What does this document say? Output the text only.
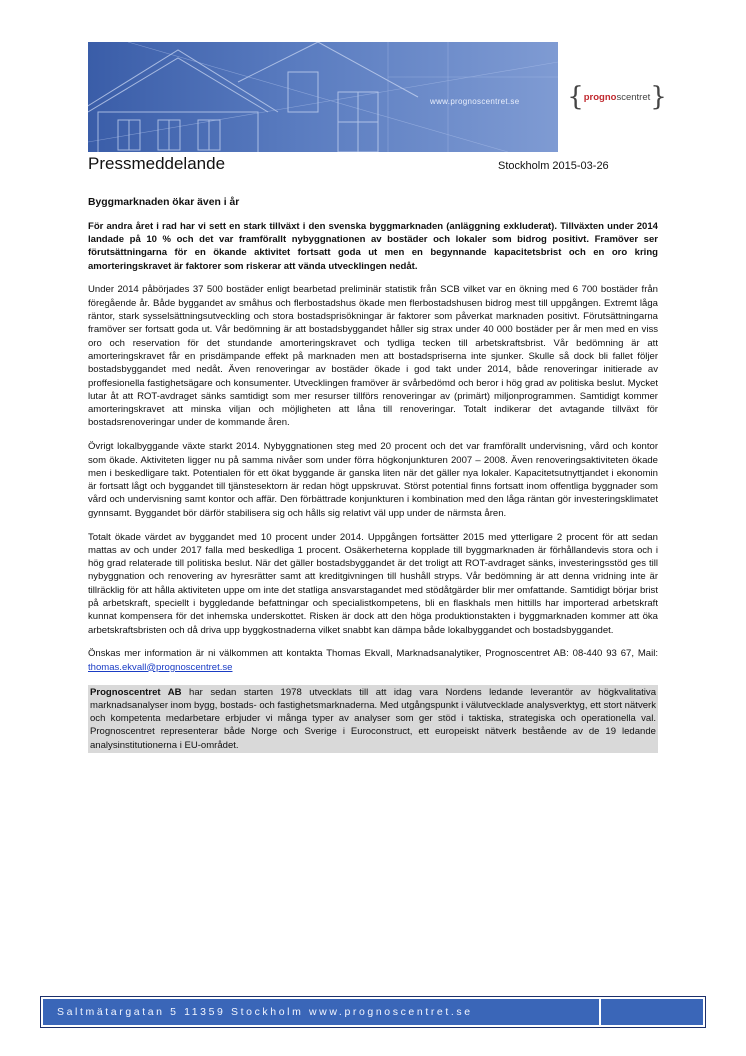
www.prognoscentret.se { progno scentret }
Pressmeddelande	Stockholm 2015-03-26

Byggmarknaden ökar även i år

För andra året i rad har vi sett en stark tillväxt i den svenska byggmarknaden (anläggning exkluderat). Tillväxten under 2014 landade på 10 % och det var framförallt nybyggnationen av bostäder och lokaler som bidrog positivt. Framöver ser förutsättningarna för en ökande aktivitet fortsatt goda ut men en begynnande kapacitetsbrist och en oro kring amorteringskravet är faktorer som riskerar att vända utvecklingen nedåt.

Under 2014 påbörjades 37 500 bostäder enligt bearbetad preliminär statistik från SCB vilket var en ökning med 6 700 bostäder från föregående år. Både byggandet av småhus och flerbostadshus ökade men flerbostadshusen bidrog mest till uppgången. Extremt låga räntor, stark sysselsättningsutveckling och stora bostadsprisökningar är faktorer som påverkat marknaden positivt. Förutsättningarna framöver ser fortsatt goda ut. Vår bedömning är att bostadsbyggandet håller sig strax under 40 000 bostäder per år men med en viss oro och reservation för det stundande amorteringskravet och tydliga tecken till arbetskraftsbrist. Vår bedömning är att amorteringskravet får en prisdämpande effekt på marknaden men att bostadspriserna inte sjunker. Skulle så dock bli fallet följer bostadsbyggandet med nedåt. Även renoveringar av bostäder ökade i god takt under 2014, både renoveringar initierade av proffesionella fastighetsägare och konsumenter. Utvecklingen framöver är svårbedömd och beror i hög grad av politiska beslut. Mycket lutar åt att ROT-avdraget sänks samtidigt som mer resurser tillförs renoveringar av (primärt) miljonprogrammen. Samtidigt kommer amorteringskravet att minska viljan och möjligheten att låna till renoveringar. Totalt indikerar det avtagande tillväxt för bostadsrenoveringar under de kommande åren.

Övrigt lokalbyggande växte starkt 2014. Nybyggnationen steg med 20 procent och det var framförallt undervisning, vård och kontor som ökade. Aktiviteten ligger nu på samma nivåer som under förra högkonjunkturen 2007 – 2008. Även renoveringsaktiviteten ökade men i beskedligare takt. Potentialen för ett ökat byggande är ganska liten när det gäller nya lokaler. Kapacitetsutnyttjandet i ekonomin är fortsatt lågt och byggandet till tjänstesektorn är redan högt uppskruvat. Störst potential finns fortsatt inom offentliga byggnader som vård och undervisning samt kontor och affär. Den förbättrade konjunkturen i kombination med den låga räntan gör investeringsklimatet gynnsamt. Byggandet bör därför stabilisera sig och hålls sig relativt väl upp under de närmsta åren.

Totalt ökade värdet av byggandet med 10 procent under 2014. Uppgången fortsätter 2015 med ytterligare 2 procent för att sedan mattas av och under 2017 falla med beskedliga 1 procent. Osäkerheterna kopplade till byggmarknaden är förhållandevis stora och i hög grad relaterade till politiska beslut. När det gäller bostadsbyggandet är det troligt att ROT-avdraget sänks, investeringsstöd ges till nybyggnation och renovering av hyresrätter samt att kreditgivningen till hushåll stryps. Vår bedömning är att denna vridning inte är tillräcklig för att hålla aktiviteten uppe om inte det statliga ansvarstagandet med stödåtgärder blir mer omfattande. Samtidigt börjar brist på arbetskraft, speciellt i byggledande befattningar och specialistkompetens, bli en flaskhals men hittills har importerad arbetskraft kunnat kompensera för det inhemska underskottet. Risken är dock att den höga produktionstakten i byggmarknaden kommer att öka arbetskraftsbristen och då driva upp byggkostnaderna vilket snabbt kan dämpa både lokalbyggandet och bostadsbyggandet.

Önskas mer information är ni välkommen att kontakta Thomas Ekvall, Marknadsanalytiker, Prognoscentret AB: 08-440 93 67, Mail: thomas.ekvall@prognoscentret.se

Prognoscentret AB har sedan starten 1978 utvecklats till att idag vara Nordens ledande leverantör av högkvalitativa marknadsanalyser inom bygg, bostads- och fastighetsmarknaderna. Med utgångspunkt i välutvecklade analysverktyg, ett stort nätverk och kompetenta medarbetare erbjuder vi många typer av analyser som ger stöd i taktiska, strategiska och operationella val. Prognoscentret representerar både Norge och Sverige i Euroconstruct, ett europeiskt nätverk bestående av de 19 ledande analysinstitutionerna i EU-området.

Saltmätargatan 5 11359 Stockholm www.prognoscentret.se
